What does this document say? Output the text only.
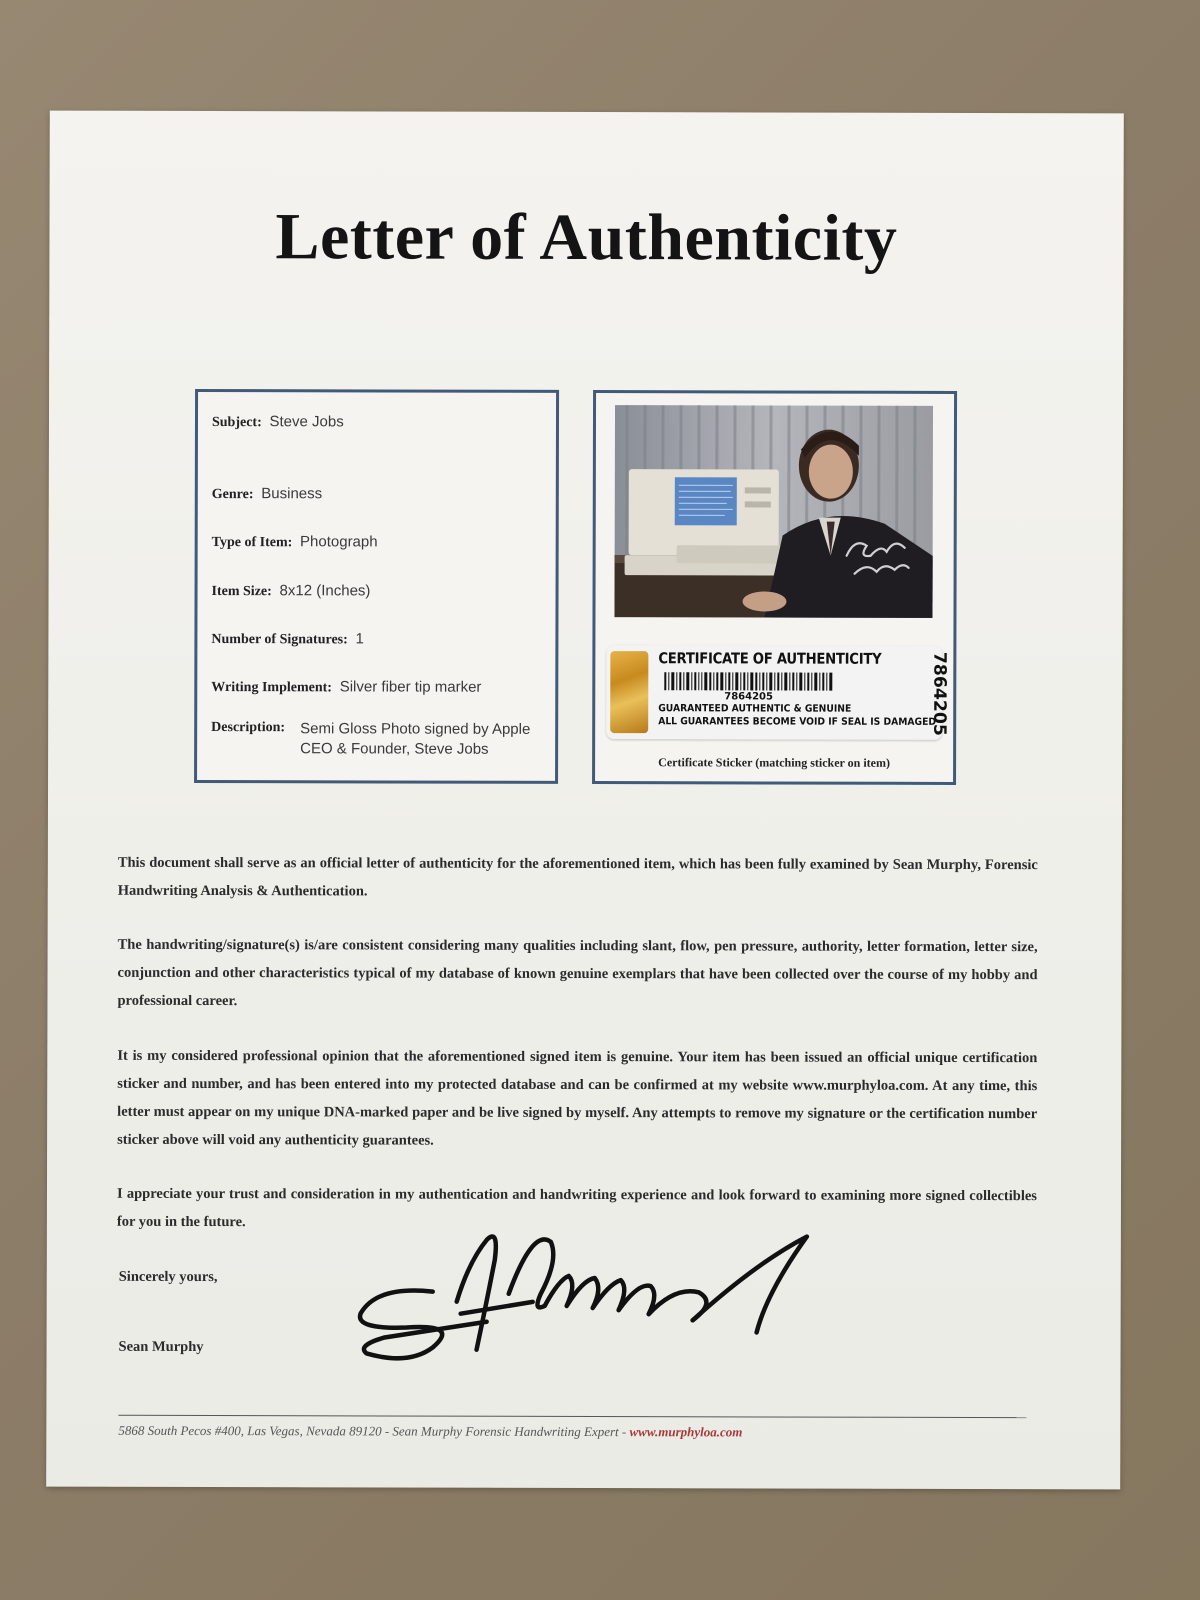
Letter of Authenticity
Subject: Steve Jobs
Genre: Business
Type of Item: Photograph
Item Size: 8x12 (Inches)
Number of Signatures: 1
Writing Implement: Silver fiber tip marker
Description: Semi Gloss Photo signed by Apple CEO & Founder, Steve Jobs
CERTIFICATE OF AUTHENTICITY
7864205
GUARANTEED AUTHENTIC & GENUINE
ALL GUARANTEES BECOME VOID IF SEAL IS DAMAGED
7864205
Certificate Sticker (matching sticker on item)

This document shall serve as an official letter of authenticity for the aforementioned item, which has been fully examined by Sean Murphy, Forensic Handwriting Analysis & Authentication.

The handwriting/signature(s) is/are consistent considering many qualities including slant, flow, pen pressure, authority, letter formation, letter size, conjunction and other characteristics typical of my database of known genuine exemplars that have been collected over the course of my hobby and professional career.

It is my considered professional opinion that the aforementioned signed item is genuine. Your item has been issued an official unique certification sticker and number, and has been entered into my protected database and can be confirmed at my website www.murphyloa.com. At any time, this letter must appear on my unique DNA-marked paper and be live signed by myself. Any attempts to remove my signature or the certification number sticker above will void any authenticity guarantees.

I appreciate your trust and consideration in my authentication and handwriting experience and look forward to examining more signed collectibles for you in the future.

Sincerely yours,
Sean Murphy
5868 South Pecos #400, Las Vegas, Nevada 89120 - Sean Murphy Forensic Handwriting Expert - www.murphyloa.com
